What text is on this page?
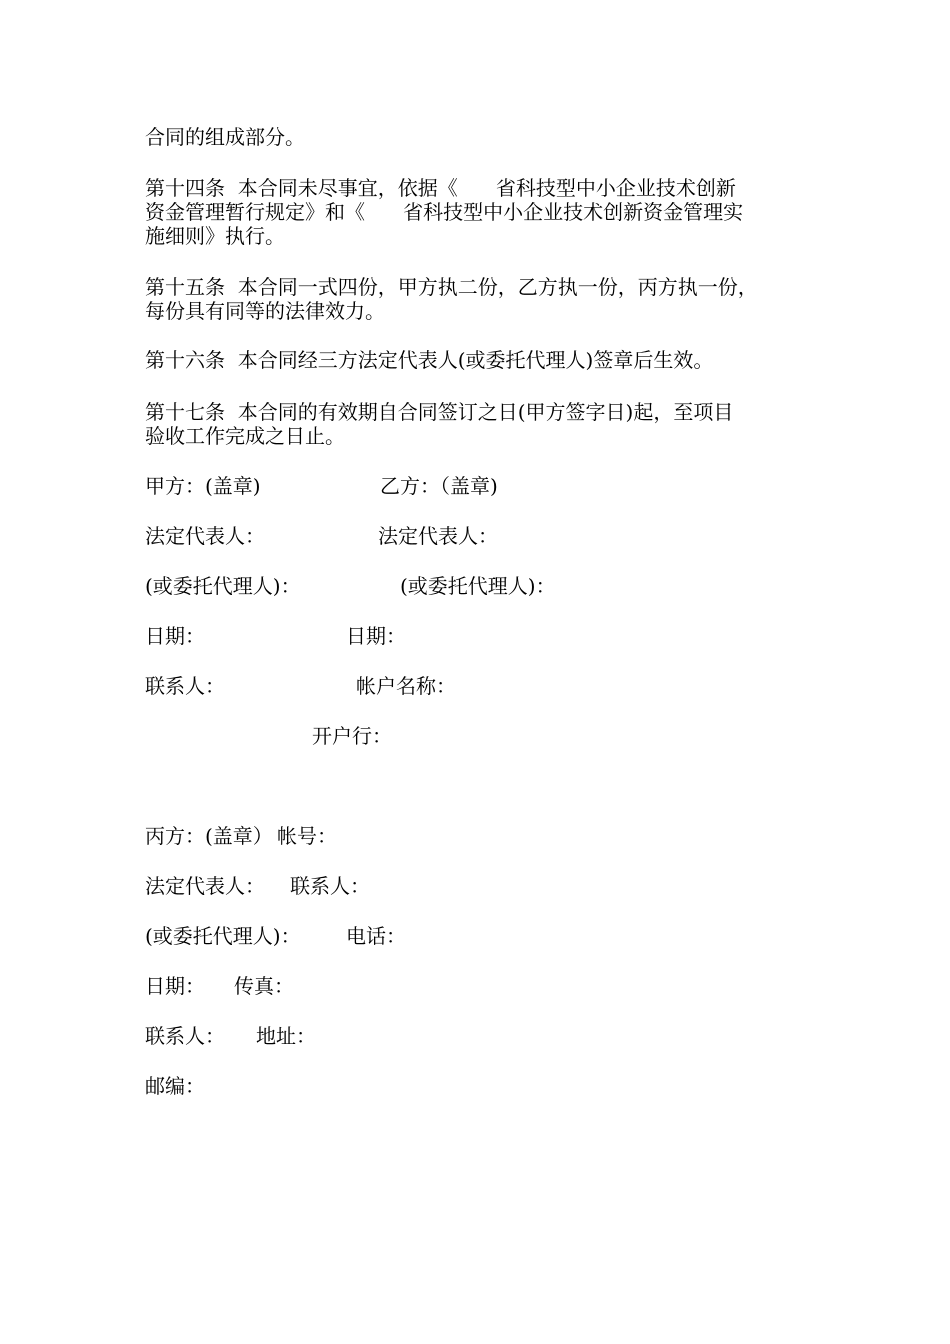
合同的组成部分。
第十四条  本合同未尽事宜，依据《      省科技型中小企业技术创新
资金管理暂行规定》和《      省科技型中小企业技术创新资金管理实
施细则》执行。
第十五条  本合同一式四份，甲方执二份，乙方执一份，丙方执一份，
每份具有同等的法律效力。
第十六条  本合同经三方法定代表人(或委托代理人)签章后生效。
第十七条  本合同的有效期自合同签订之日(甲方签字日)起，至项目
验收工作完成之日止。
甲方：(盖章)	乙方：（盖章)
法定代表人：	法定代表人：
(或委托代理人)：	(或委托代理人)：
日期：	日期：
联系人：	帐户名称：
开户行：
丙方：(盖章） 帐号：
法定代表人： 联系人：
(或委托代理人)： 电话：
日期： 传真：
联系人： 地址：
邮编：
